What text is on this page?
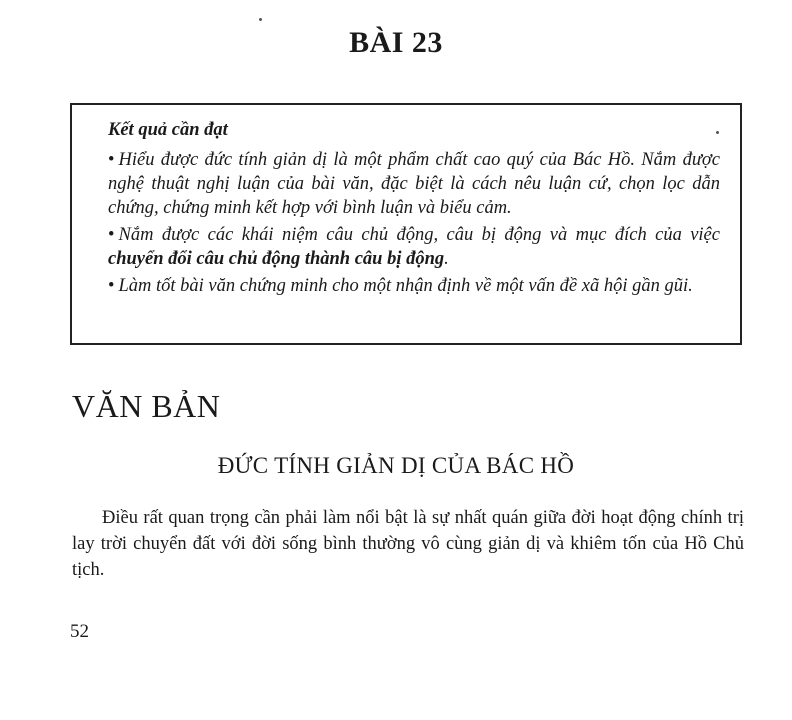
BÀI 23

Kết quả cần đạt

• Hiểu được đức tính giản dị là một phẩm chất cao quý của Bác Hồ. Nắm được nghệ thuật nghị luận của bài văn, đặc biệt là cách nêu luận cứ, chọn lọc dẫn chứng, chứng minh kết hợp với bình luận và biểu cảm.

• Nắm được các khái niệm câu chủ động, câu bị động và mục đích của việc chuyển đổi câu chủ động thành câu bị động.

• Làm tốt bài văn chứng minh cho một nhận định về một vấn đề xã hội gần gũi.

VĂN BẢN
ĐỨC TÍNH GIẢN DỊ CỦA BÁC HỒ

Điều rất quan trọng cần phải làm nổi bật là sự nhất quán giữa đời hoạt động chính trị lay trời chuyển đất với đời sống bình thường vô cùng giản dị và khiêm tốn của Hồ Chủ tịch.

52
